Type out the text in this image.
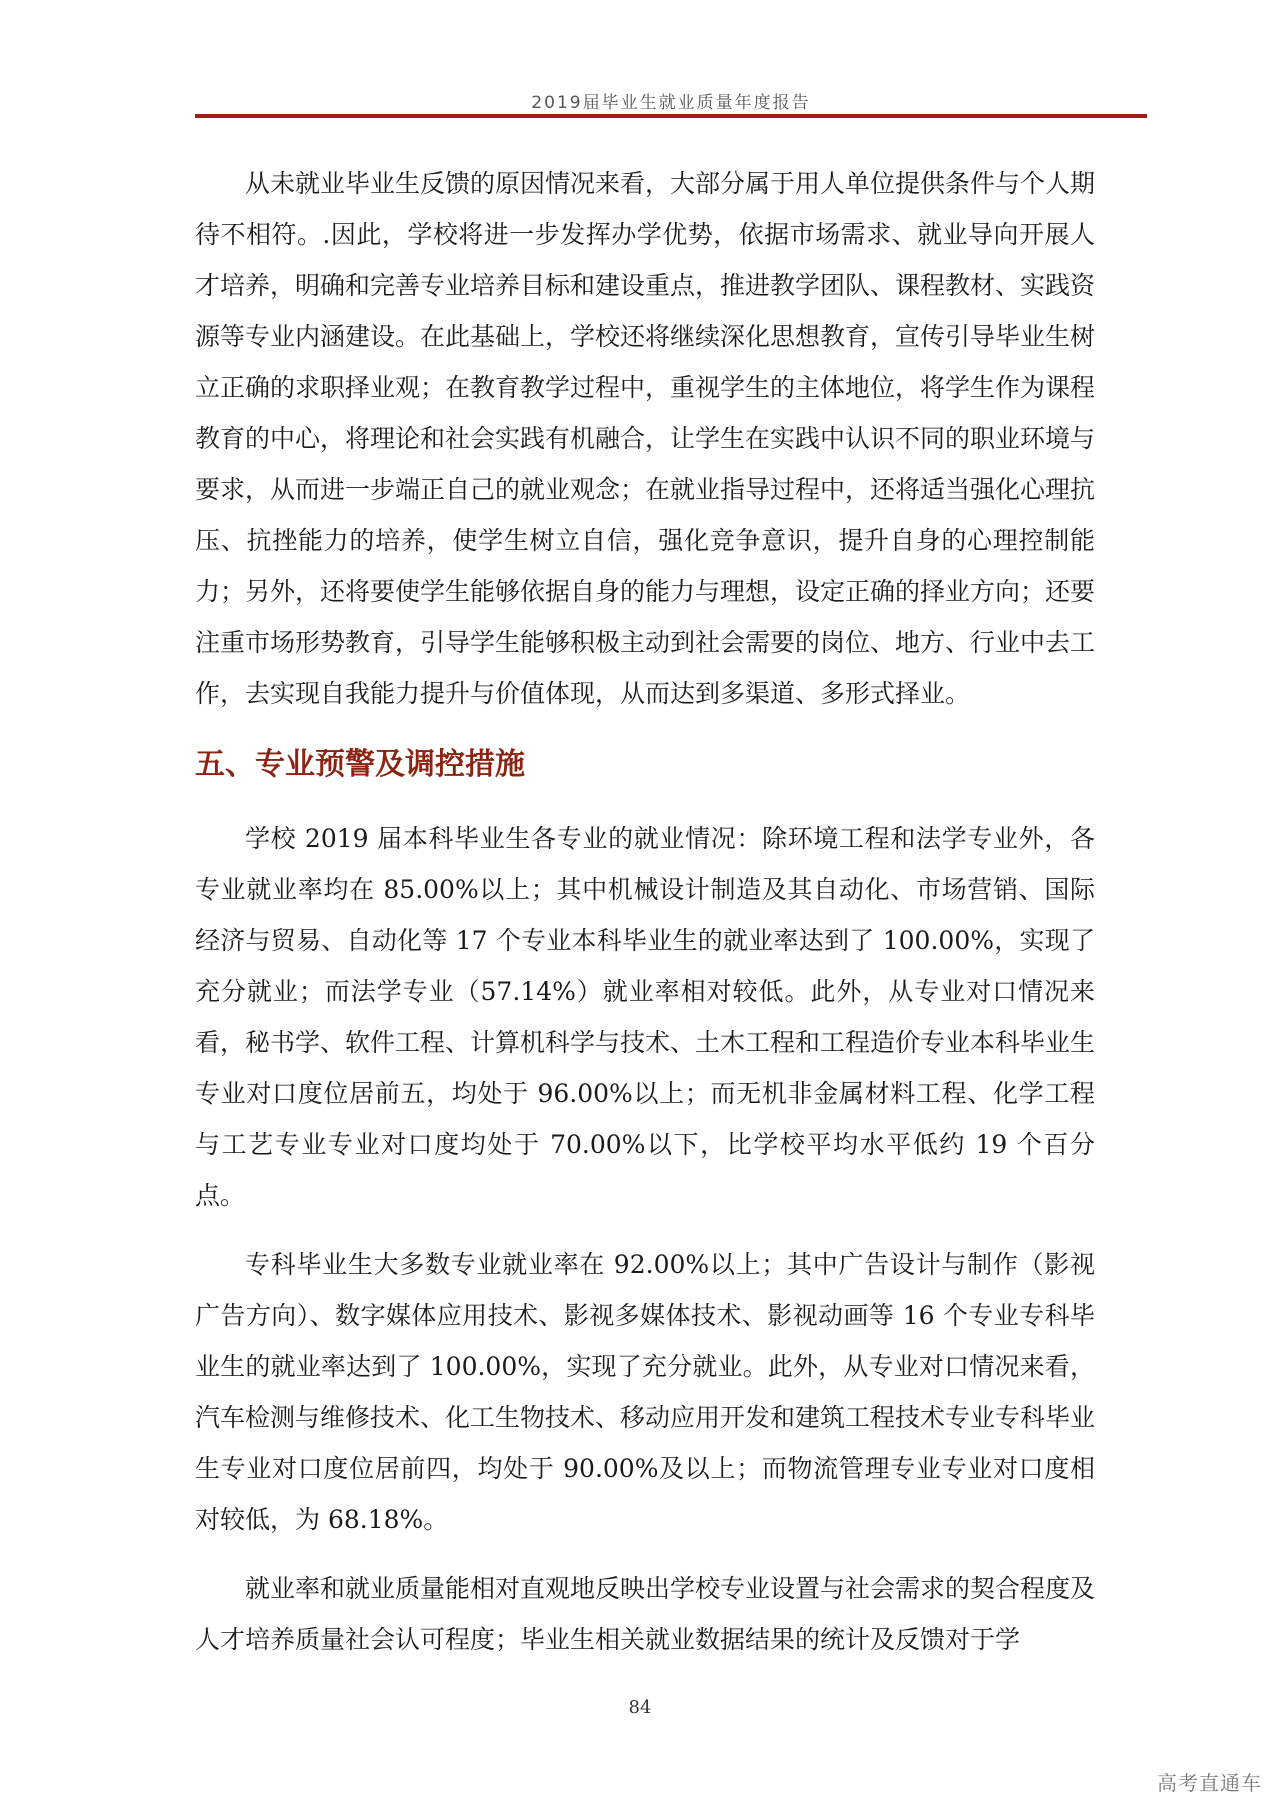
2019届毕业生就业质量年度报告

从未就业毕业生反馈的原因情况来看，大部分属于用人单位提供条件与个人期待不相符。.因此，学校将进一步发挥办学优势，依据市场需求、就业导向开展人才培养，明确和完善专业培养目标和建设重点，推进教学团队、课程教材、实践资源等专业内涵建设。在此基础上，学校还将继续深化思想教育，宣传引导毕业生树立正确的求职择业观；在教育教学过程中，重视学生的主体地位，将学生作为课程教育的中心，将理论和社会实践有机融合，让学生在实践中认识不同的职业环境与要求，从而进一步端正自己的就业观念；在就业指导过程中，还将适当强化心理抗压、抗挫能力的培养，使学生树立自信，强化竞争意识，提升自身的心理控制能力；另外，还将要使学生能够依据自身的能力与理想，设定正确的择业方向；还要注重市场形势教育，引导学生能够积极主动到社会需要的岗位、地方、行业中去工作，去实现自我能力提升与价值体现，从而达到多渠道、多形式择业。

五、专业预警及调控措施

学校 2019 届本科毕业生各专业的就业情况：除环境工程和法学专业外，各专业就业率均在 85.00%以上；其中机械设计制造及其自动化、市场营销、国际经济与贸易、自动化等 17 个专业本科毕业生的就业率达到了 100.00%，实现了充分就业；而法学专业（57.14%）就业率相对较低。此外，从专业对口情况来看，秘书学、软件工程、计算机科学与技术、土木工程和工程造价专业本科毕业生专业对口度位居前五，均处于 96.00%以上；而无机非金属材料工程、化学工程与工艺专业专业对口度均处于 70.00%以下，比学校平均水平低约 19 个百分点。

专科毕业生大多数专业就业率在 92.00%以上；其中广告设计与制作（影视广告方向）、数字媒体应用技术、影视多媒体技术、影视动画等 16 个专业专科毕业生的就业率达到了 100.00%，实现了充分就业。此外，从专业对口情况来看，汽车检测与维修技术、化工生物技术、移动应用开发和建筑工程技术专业专科毕业生专业对口度位居前四，均处于 90.00%及以上；而物流管理专业专业对口度相对较低，为 68.18%。

就业率和就业质量能相对直观地反映出学校专业设置与社会需求的契合程度及人才培养质量社会认可程度；毕业生相关就业数据结果的统计及反馈对于学

84
高考直通车
